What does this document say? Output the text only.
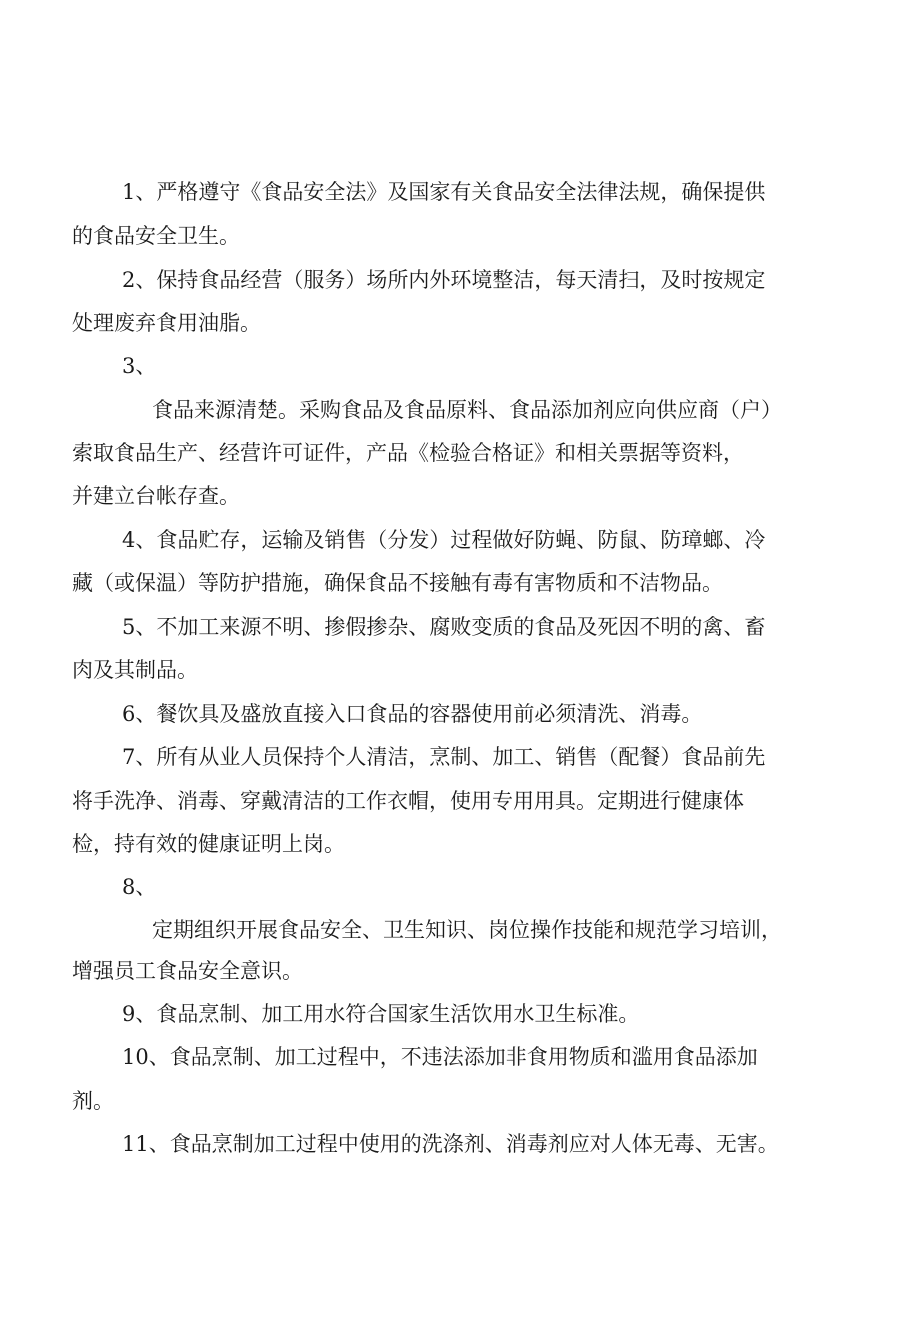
1、严格遵守《食品安全法》及国家有关食品安全法律法规，确保提供
的食品安全卫生。
2、保持食品经营（服务）场所内外环境整洁，每天清扫，及时按规定
处理废弃食用油脂。
3、
食品来源清楚。采购食品及食品原料、食品添加剂应向供应商（户）
索取食品生产、经营许可证件，产品《检验合格证》和相关票据等资料，
并建立台帐存查。
4、食品贮存，运输及销售（分发）过程做好防蝇、防鼠、防璋螂、冷
藏（或保温）等防护措施，确保食品不接触有毒有害物质和不洁物品。
5、不加工来源不明、掺假掺杂、腐败变质的食品及死因不明的禽、畜
肉及其制品。
6、餐饮具及盛放直接入口食品的容器使用前必须清洗、消毒。
7、所有从业人员保持个人清洁，烹制、加工、销售（配餐）食品前先
将手洗净、消毒、穿戴清洁的工作衣帽，使用专用用具。定期进行健康体
检，持有效的健康证明上岗。
8、
定期组织开展食品安全、卫生知识、岗位操作技能和规范学习培训，
增强员工食品安全意识。
9、食品烹制、加工用水符合国家生活饮用水卫生标准。
10、食品烹制、加工过程中，不违法添加非食用物质和滥用食品添加
剂。
11、食品烹制加工过程中使用的洗涤剂、消毒剂应对人体无毒、无害。
